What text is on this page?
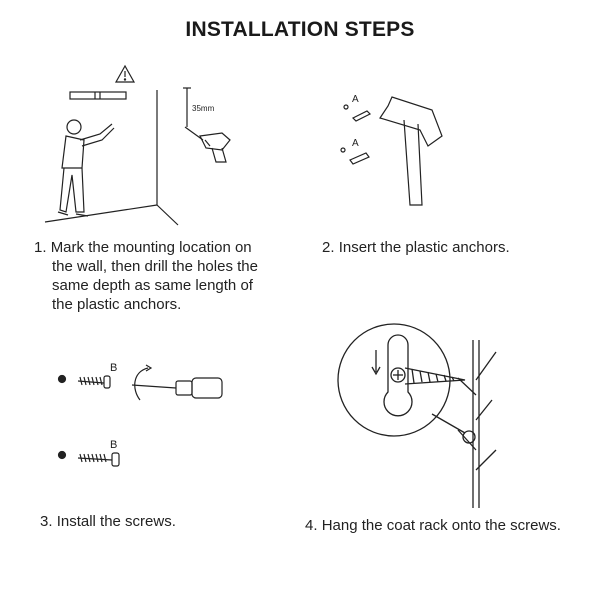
INSTALLATION STEPS
35mm
A
A
B
B
1. Mark the mounting location on
the wall, then drill the holes the
same depth as same length of
the plastic anchors.
2. Insert the plastic anchors.
3. Install the screws.	4. Hang the coat rack onto the screws.
